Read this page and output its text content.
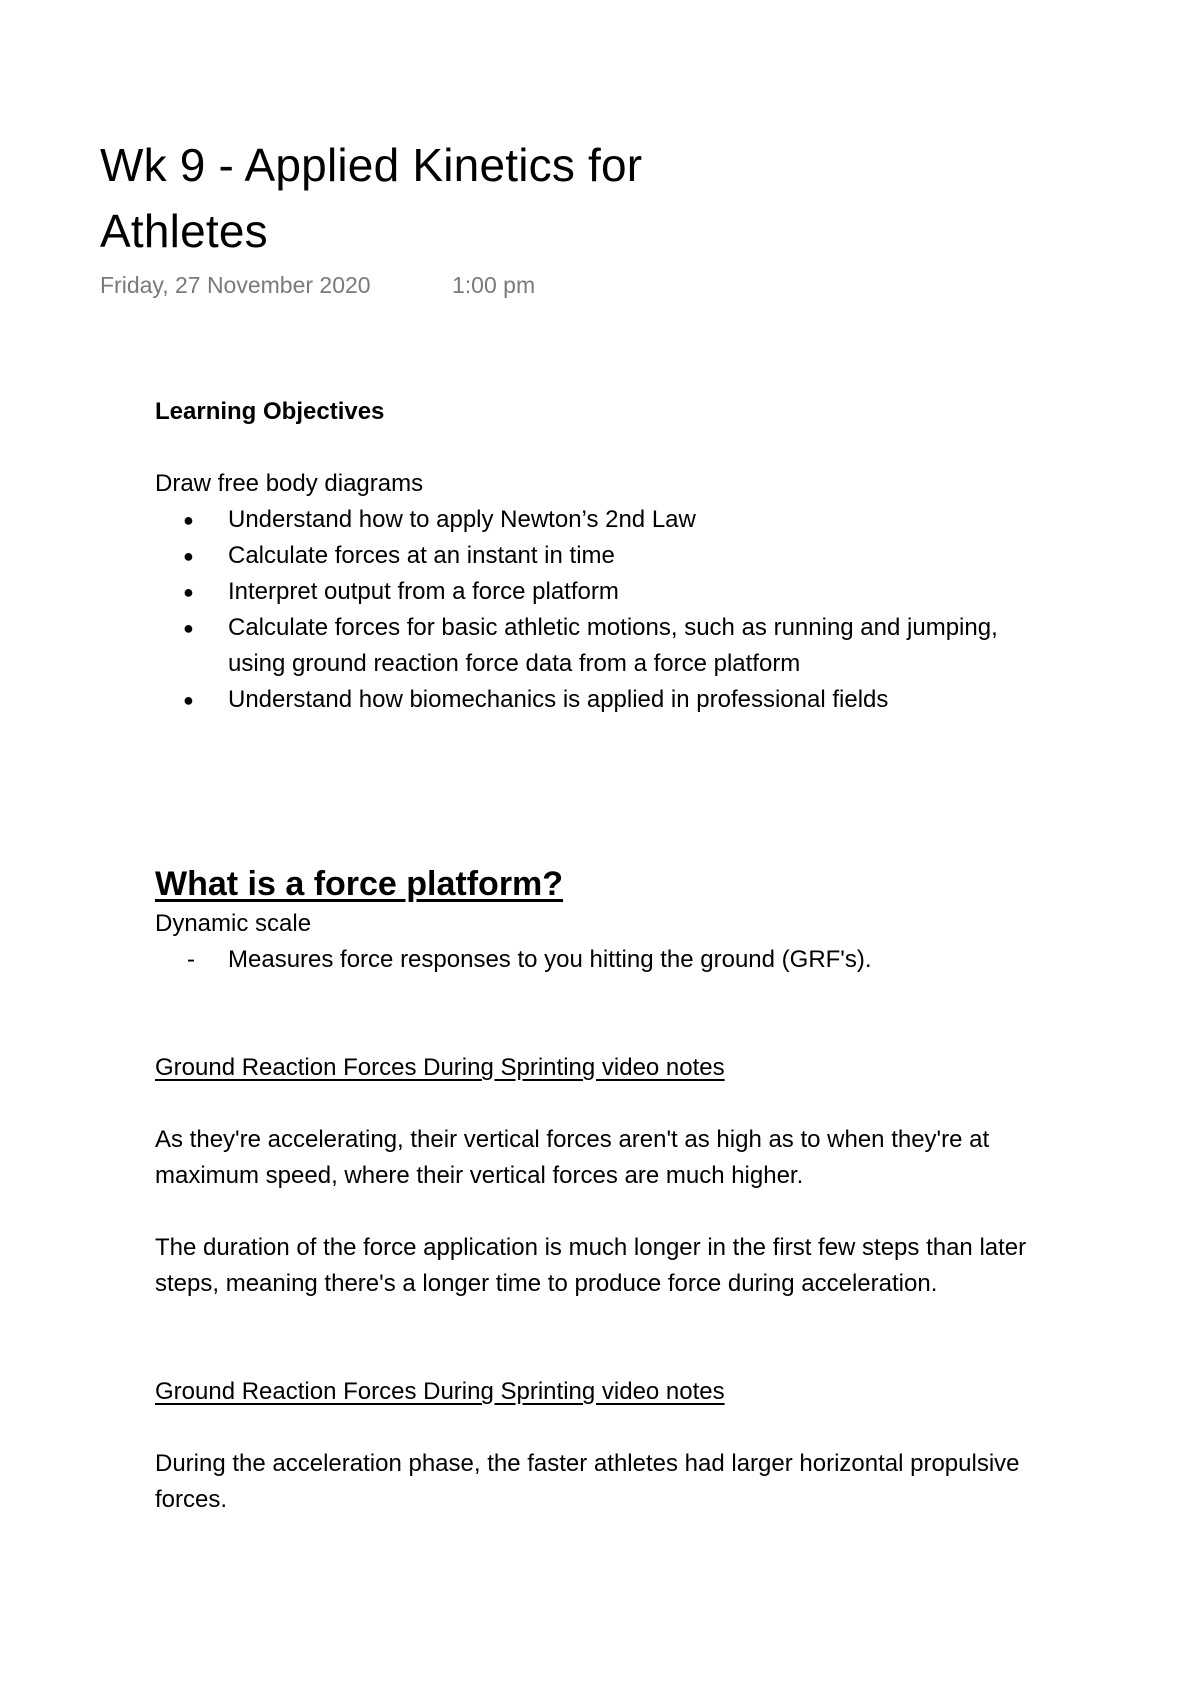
Wk 9 - Applied Kinetics for Athletes
Friday, 27 November 2020	1:00 pm

Learning Objectives

Draw free body diagrams

● Understand how to apply Newton’s 2nd Law
● Calculate forces at an instant in time
● Interpret output from a force platform
● Calculate forces for basic athletic motions, such as running and jumping, using ground reaction force data from a force platform
● Understand how biomechanics is applied in professional fields
What is a force platform?

Dynamic scale

- Measures force responses to you hitting the ground (GRF's).

Ground Reaction Forces During Sprinting video notes

As they're accelerating, their vertical forces aren't as high as to when they're at maximum speed, where their vertical forces are much higher.

The duration of the force application is much longer in the first few steps than later steps, meaning there's a longer time to produce force during acceleration.

Ground Reaction Forces During Sprinting video notes

During the acceleration phase, the faster athletes had larger horizontal propulsive forces.
